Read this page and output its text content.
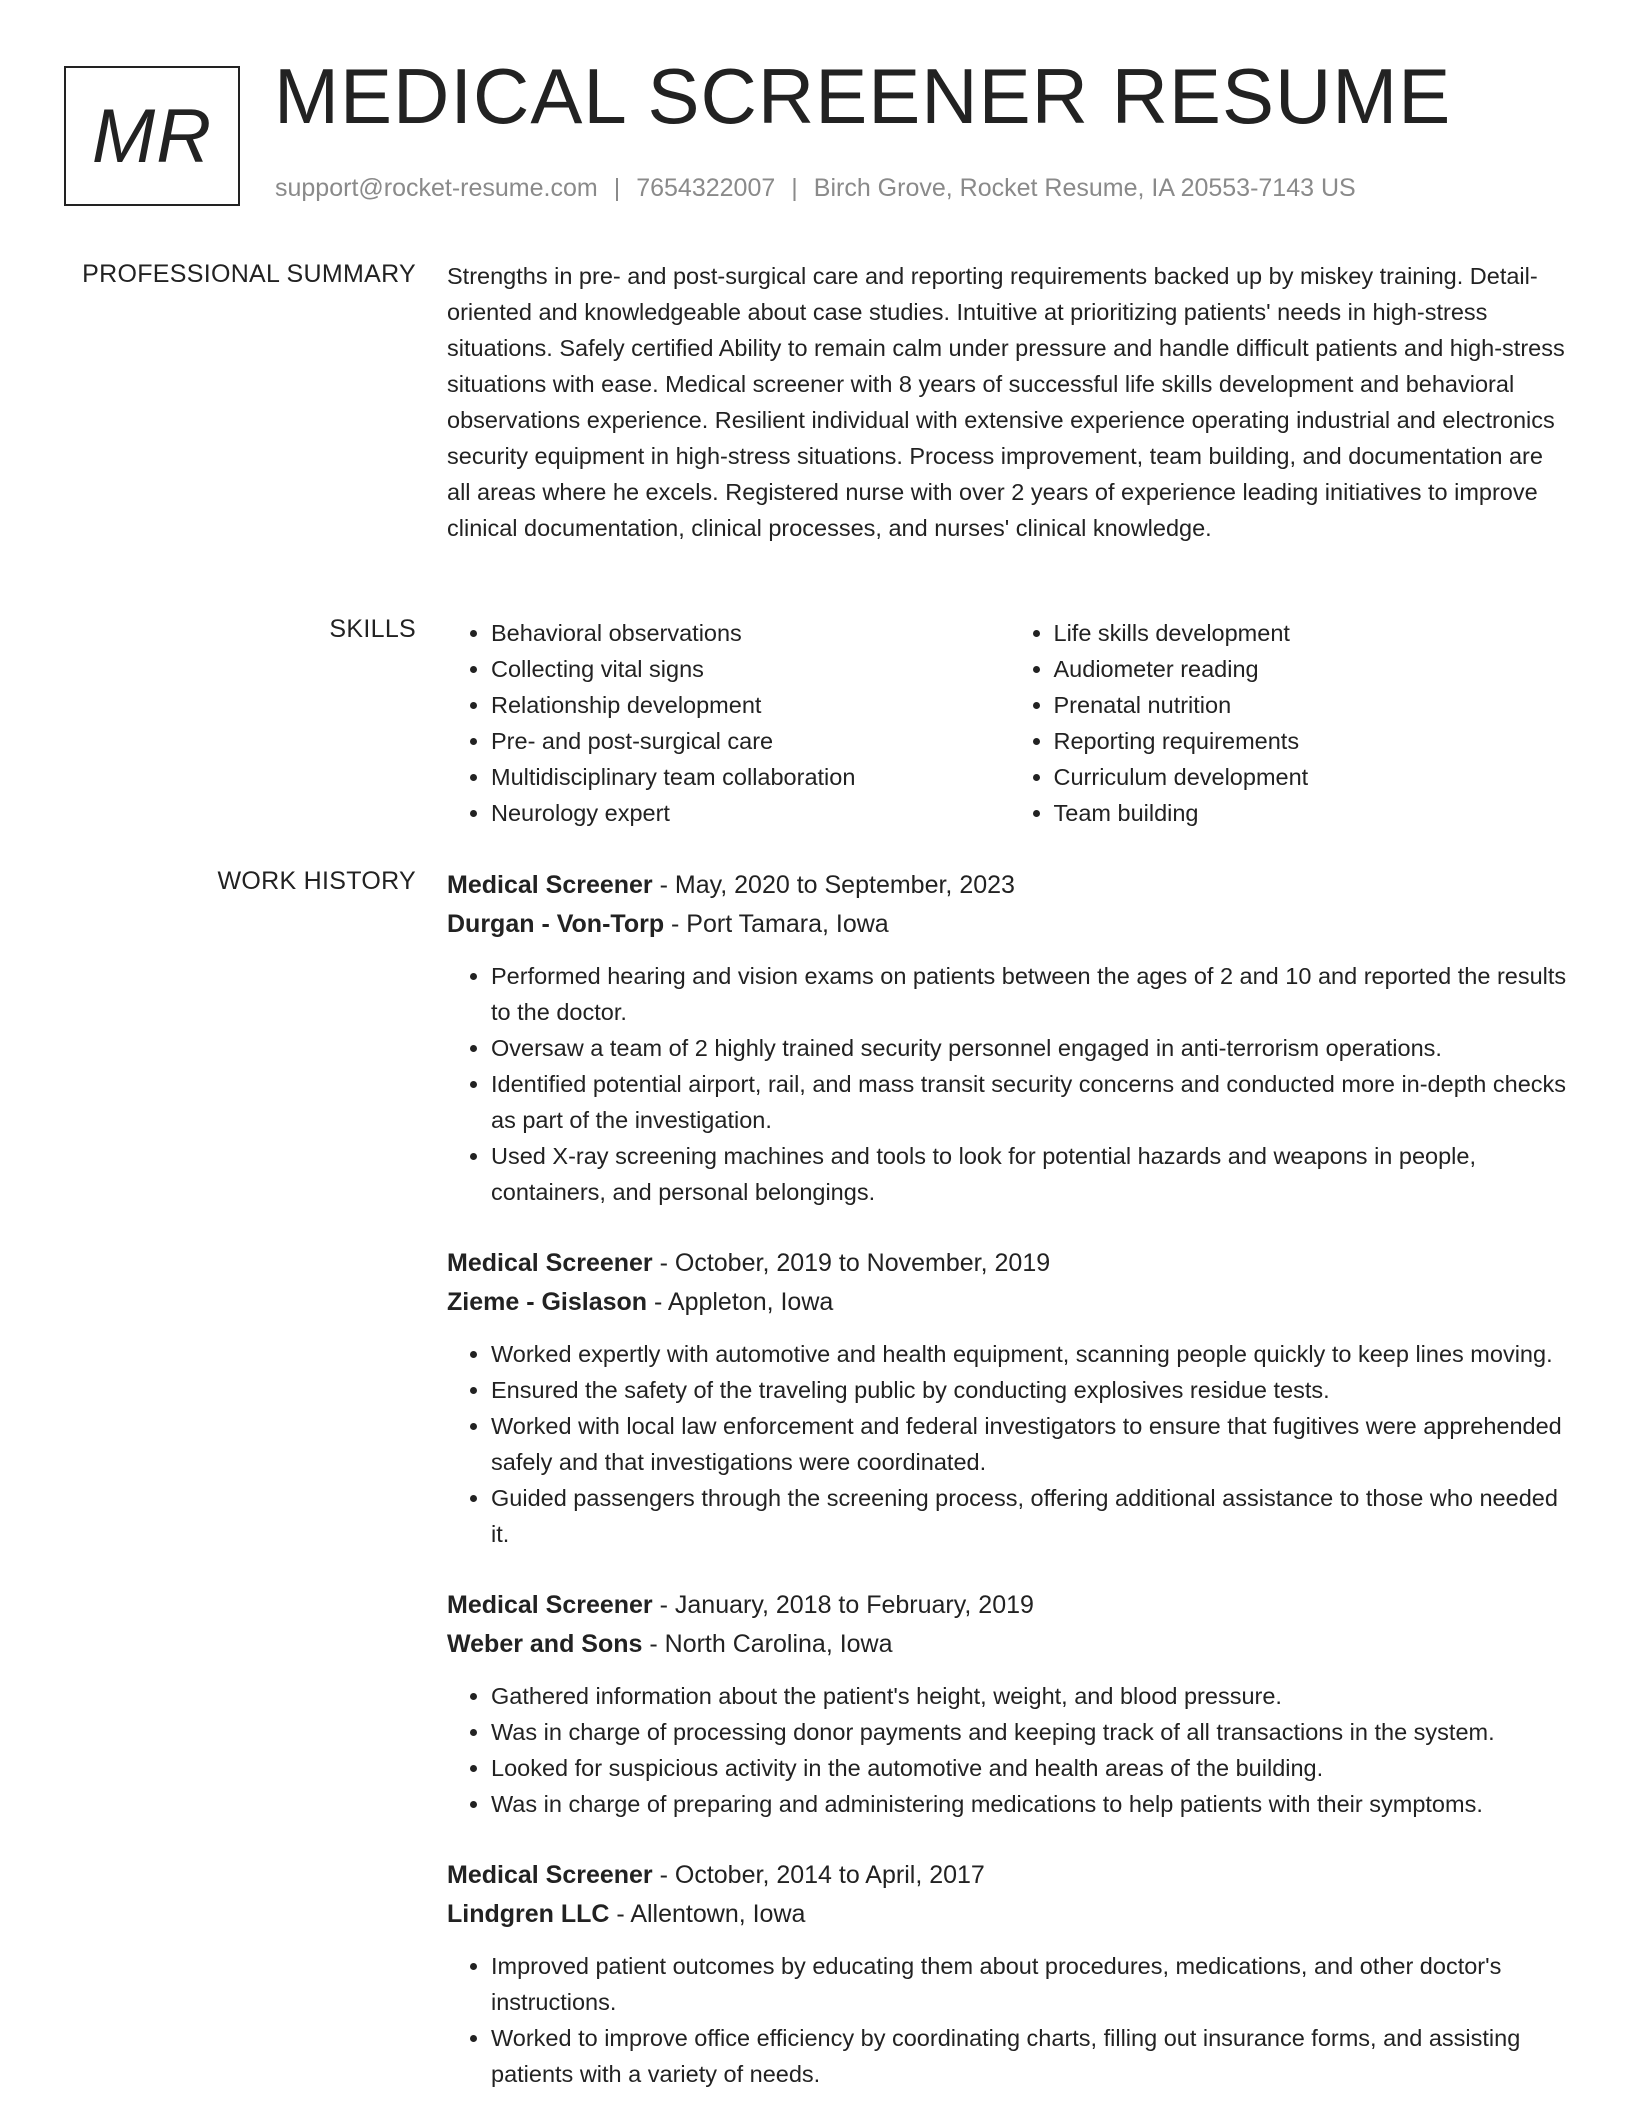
MR MEDICAL SCREENER RESUME
support@rocket-resume.com | 7654322007 | Birch Grove, Rocket Resume, IA 20553-7143 US
PROFESSIONAL SUMMARY Strengths in pre- and post-surgical care and reporting requirements backed up by miskey training. Detail-oriented and knowledgeable about case studies. Intuitive at prioritizing patients' needs in high-stress situations. Safely certified Ability to remain calm under pressure and handle difficult patients and high-stress situations with ease. Medical screener with 8 years of successful life skills development and behavioral observations experience. Resilient individual with extensive experience operating industrial and electronics security equipment in high-stress situations. Process improvement, team building, and documentation are all areas where he excels. Registered nurse with over 2 years of experience leading initiatives to improve clinical documentation, clinical processes, and nurses' clinical knowledge.

SKILLS
•	Behavioral observations
• Collecting vital signs
• Relationship development
• Pre- and post-surgical care
• Multidisciplinary team collaboration
• Neurology expert
• Life skills development
• Audiometer reading
• Prenatal nutrition
• Reporting requirements
• Curriculum development
• Team building
WORK HISTORY Medical Screener - May, 2020 to September, 2023
Durgan - Von-Torp - Port Tamara, Iowa
• Performed hearing and vision exams on patients between the ages of 2 and 10 and reported the results to the doctor.
• Oversaw a team of 2 highly trained security personnel engaged in anti-terrorism operations.
• Identified potential airport, rail, and mass transit security concerns and conducted more in-depth checks as part of the investigation.
• Used X-ray screening machines and tools to look for potential hazards and weapons in people, containers, and personal belongings.
Medical Screener - October, 2019 to November, 2019
Zieme - Gislason - Appleton, Iowa
• Worked expertly with automotive and health equipment, scanning people quickly to keep lines moving.
• Ensured the safety of the traveling public by conducting explosives residue tests.
• Worked with local law enforcement and federal investigators to ensure that fugitives were apprehended safely and that investigations were coordinated.
• Guided passengers through the screening process, offering additional assistance to those who needed it.
Medical Screener - January, 2018 to February, 2019
Weber and Sons - North Carolina, Iowa
• Gathered information about the patient's height, weight, and blood pressure.
• Was in charge of processing donor payments and keeping track of all transactions in the system.
• Looked for suspicious activity in the automotive and health areas of the building.
• Was in charge of preparing and administering medications to help patients with their symptoms.
Medical Screener - October, 2014 to April, 2017
Lindgren LLC - Allentown, Iowa
• Improved patient outcomes by educating them about procedures, medications, and other doctor's instructions.
• Worked to improve office efficiency by coordinating charts, filling out insurance forms, and assisting patients with a variety of needs.
